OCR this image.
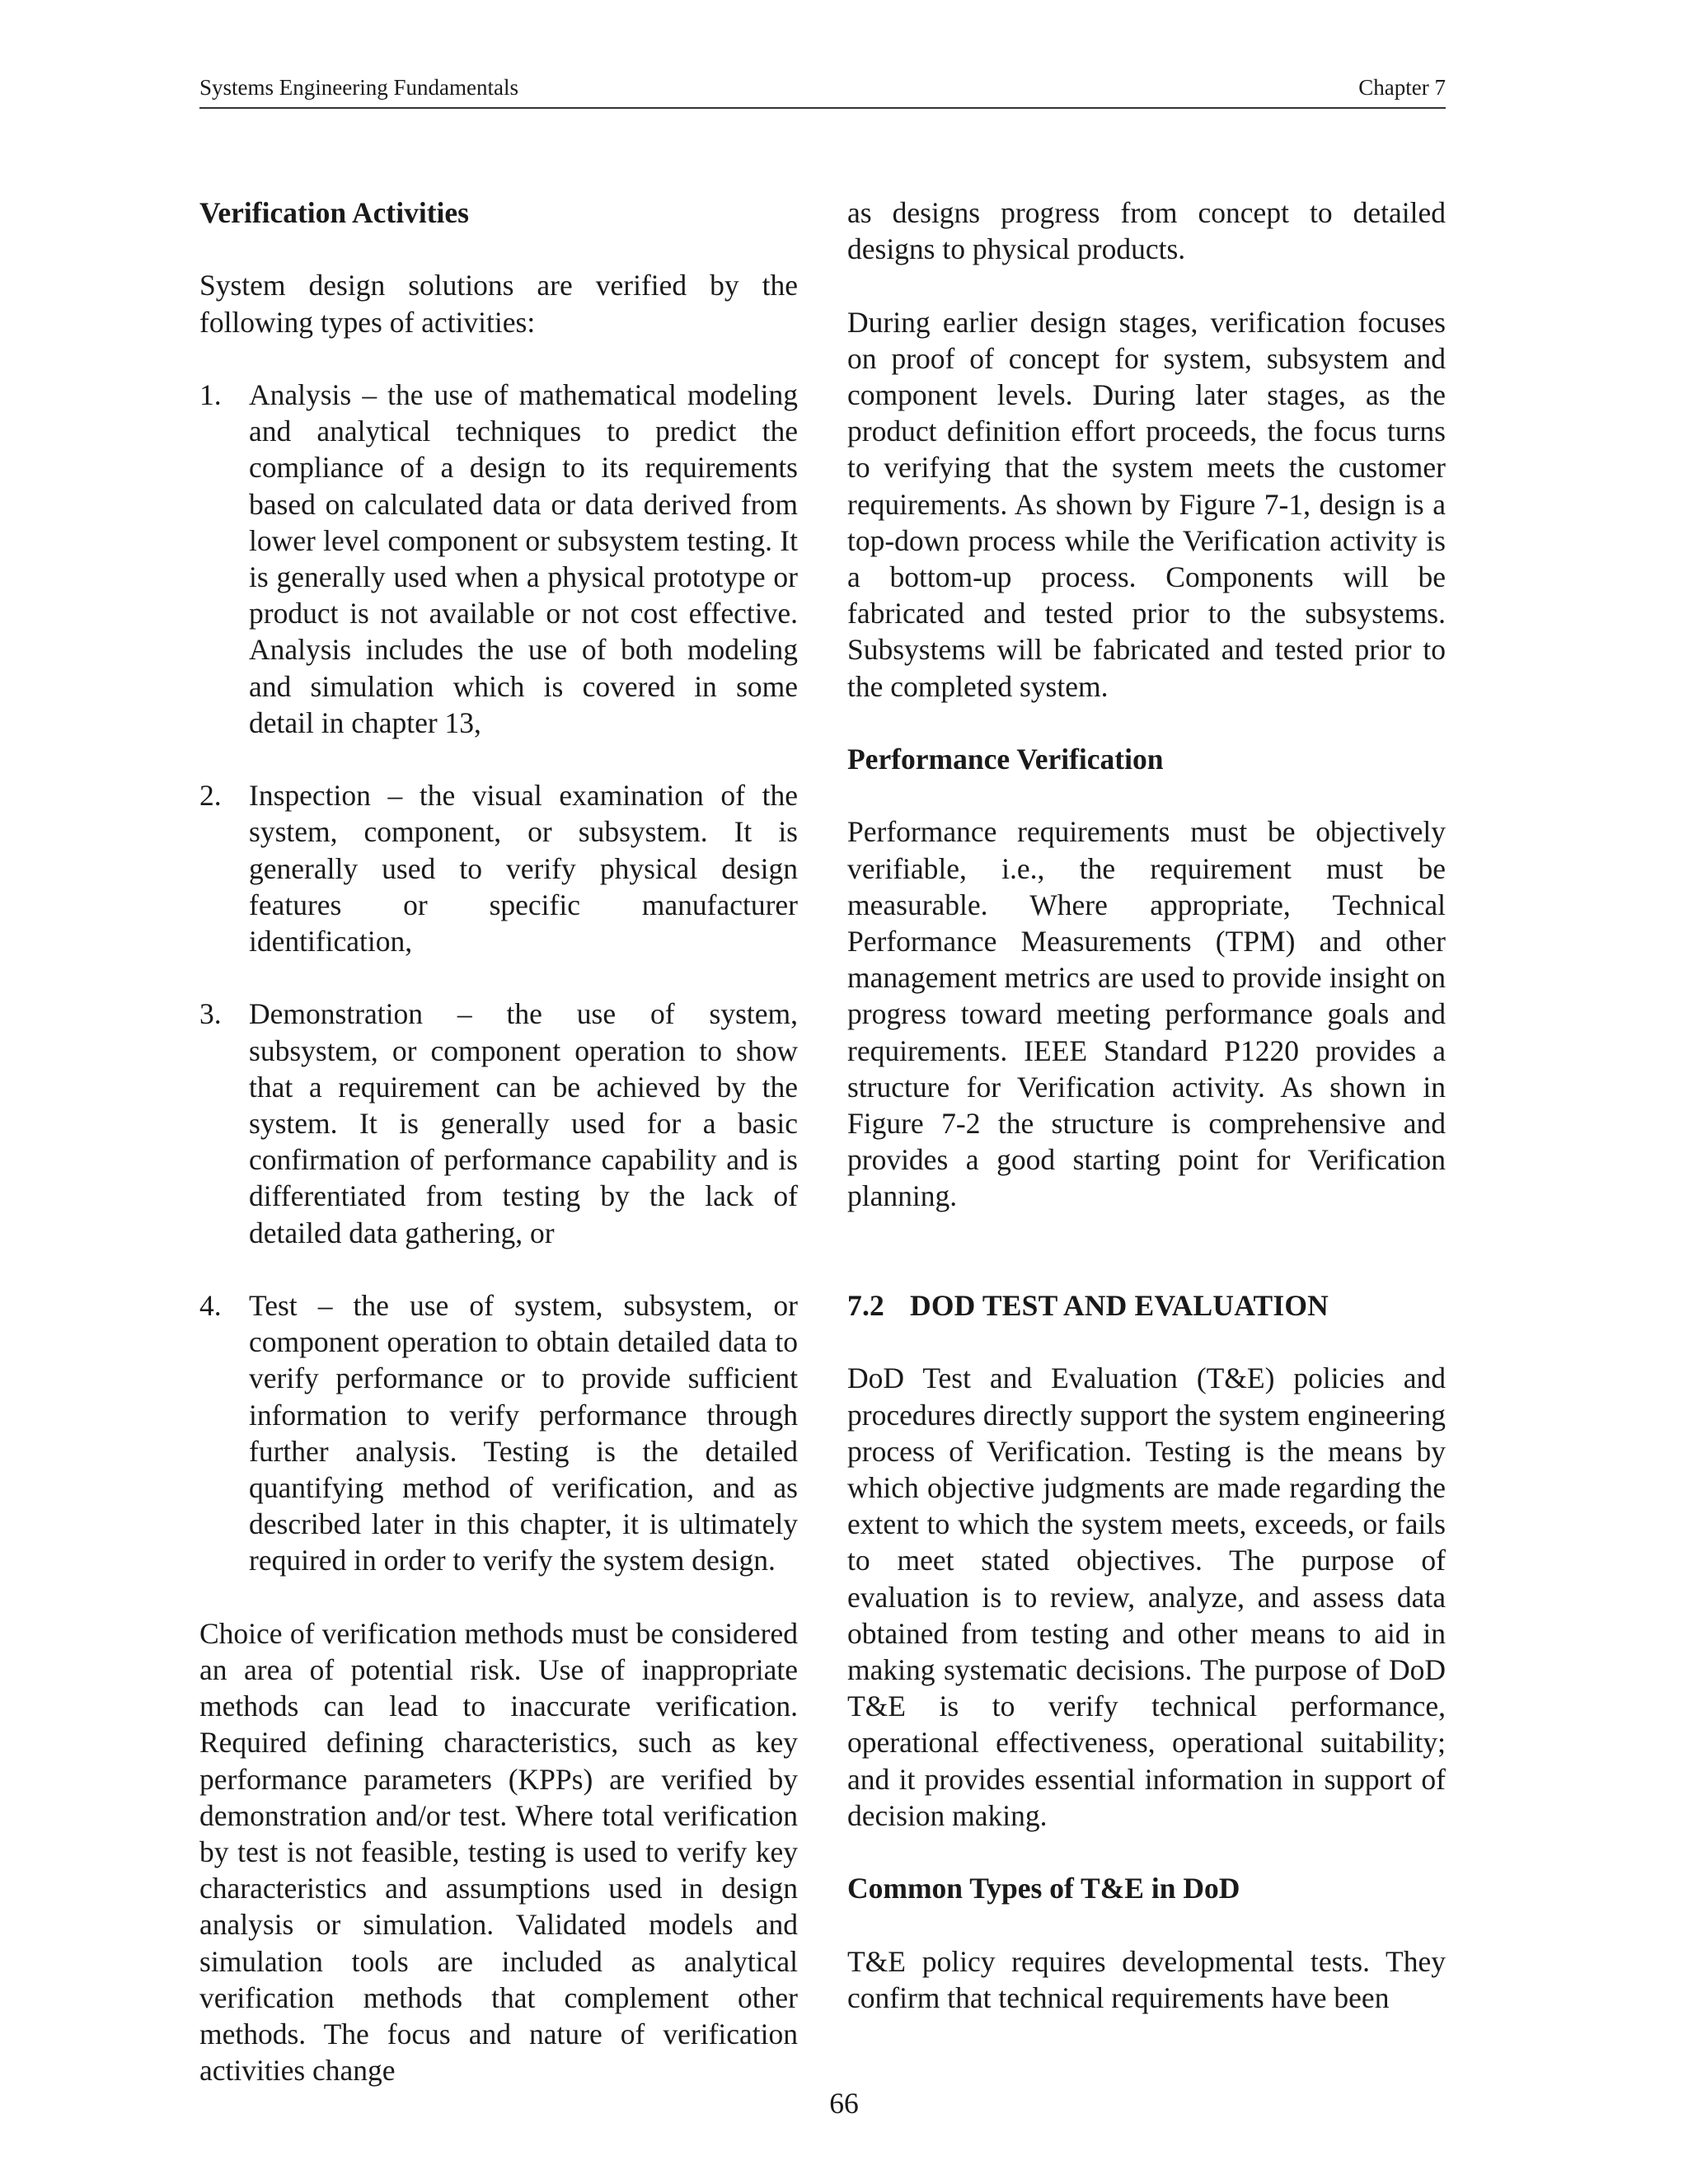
Systems Engineering Fundamentals	Chapter 7
Verification Activities

System design solutions are verified by the following types of activities:

1. Analysis – the use of mathematical modeling and analytical techniques to predict the compliance of a design to its requirements based on calculated data or data derived from lower level component or subsystem testing. It is generally used when a physical prototype or product is not available or not cost effective. Analysis includes the use of both modeling and simulation which is covered in some detail in chapter 13,
2. Inspection – the visual examination of the system, component, or subsystem. It is generally used to verify physical design features or specific manufacturer identification,
3. Demonstration – the use of system, subsystem, or component operation to show that a requirement can be achieved by the system. It is generally used for a basic confirmation of performance capability and is differentiated from testing by the lack of detailed data gathering, or
4. Test – the use of system, subsystem, or component operation to obtain detailed data to verify performance or to provide sufficient information to verify performance through further analysis. Testing is the detailed quantifying method of verification, and as described later in this chapter, it is ultimately required in order to verify the system design.

Choice of verification methods must be considered an area of potential risk. Use of inappropriate methods can lead to inaccurate verification. Required defining characteristics, such as key performance parameters (KPPs) are verified by demonstration and/or test. Where total verification by test is not feasible, testing is used to verify key characteristics and assumptions used in design analysis or simulation. Validated models and simulation tools are included as analytical verification methods that complement other methods. The focus and nature of verification activities change

as designs progress from concept to detailed designs to physical products.

During earlier design stages, verification focuses on proof of concept for system, subsystem and component levels. During later stages, as the product definition effort proceeds, the focus turns to verifying that the system meets the customer requirements. As shown by Figure 7-1, design is a top-down process while the Verification activity is a bottom-up process. Components will be fabricated and tested prior to the subsystems. Subsystems will be fabricated and tested prior to the completed system.

Performance Verification

Performance requirements must be objectively verifiable, i.e., the requirement must be measurable. Where appropriate, Technical Performance Measurements (TPM) and other management metrics are used to provide insight on progress toward meeting performance goals and requirements. IEEE Standard P1220 provides a structure for Verification activity. As shown in Figure 7-2 the structure is comprehensive and provides a good starting point for Verification planning.

7.2 DOD TEST AND EVALUATION

DoD Test and Evaluation (T&E) policies and procedures directly support the system engineering process of Verification. Testing is the means by which objective judgments are made regarding the extent to which the system meets, exceeds, or fails to meet stated objectives. The purpose of evaluation is to review, analyze, and assess data obtained from testing and other means to aid in making systematic decisions. The purpose of DoD T&E is to verify technical performance, operational effectiveness, operational suitability; and it provides essential information in support of decision making.

Common Types of T&E in DoD

T&E policy requires developmental tests. They confirm that technical requirements have been

66
